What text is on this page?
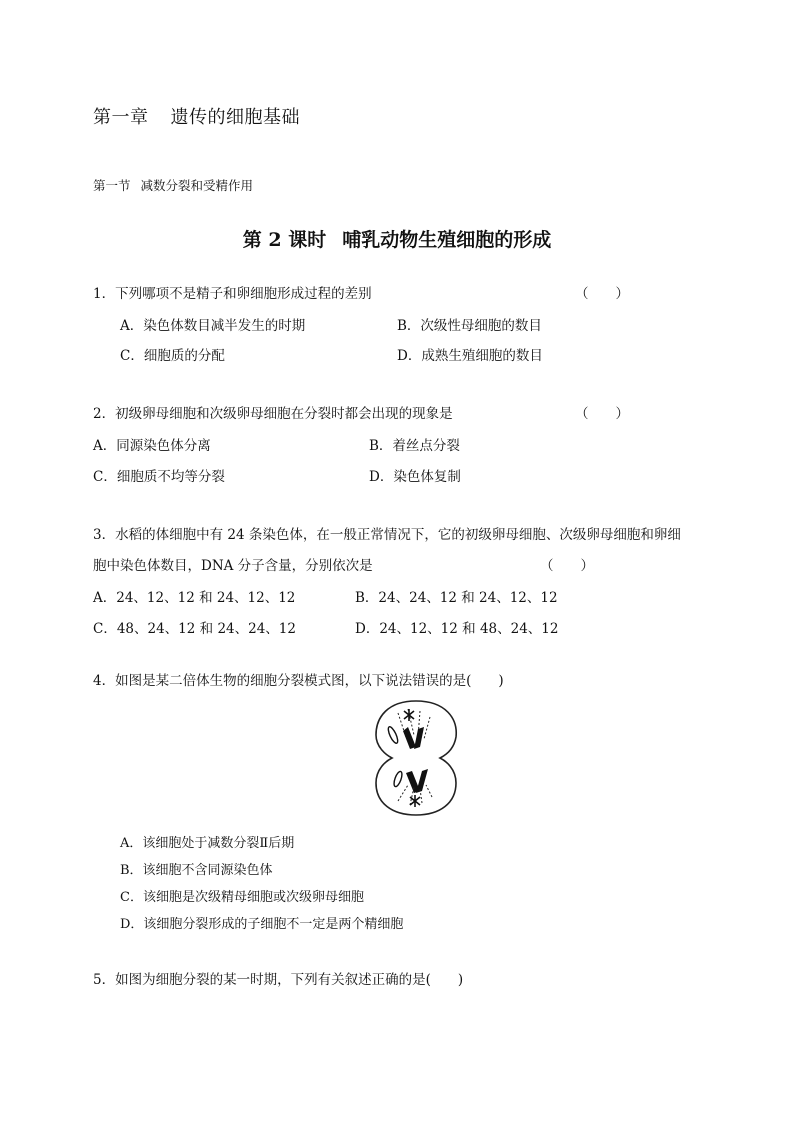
第一章 遗传的细胞基础
第一节 减数分裂和受精作用
第 2 课时 哺乳动物生殖细胞的形成
1．下列哪项不是精子和卵细胞形成过程的差别	（　　）
A．染色体数目减半发生的时期	B．次级性母细胞的数目
C．细胞质的分配	D．成熟生殖细胞的数目
2．初级卵母细胞和次级卵母细胞在分裂时都会出现的现象是	（　　）
A．同源染色体分离	B．着丝点分裂
C．细胞质不均等分裂	D．染色体复制
3．水稻的体细胞中有 24 条染色体，在一般正常情况下，它的初级卵母细胞、次级卵母细胞和卵细
胞中染色体数目，DNA 分子含量，分别依次是	（　　）
A．24、12、12 和 24、12、12	B．24、24、12 和 24、12、12
C．48、24、12 和 24、24、12	D．24、12、12 和 48、24、12
4．如图是某二倍体生物的细胞分裂模式图，以下说法错误的是(　　)
A．该细胞处于减数分裂Ⅱ后期
B．该细胞不含同源染色体
C．该细胞是次级精母细胞或次级卵母细胞
D．该细胞分裂形成的子细胞不一定是两个精细胞
5．如图为细胞分裂的某一时期，下列有关叙述正确的是(　　)
